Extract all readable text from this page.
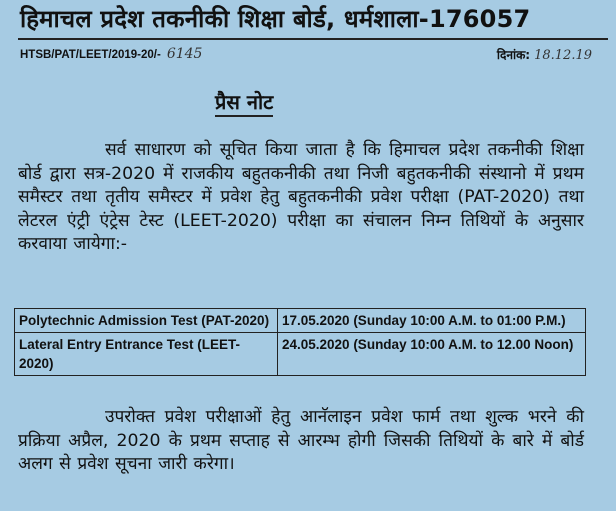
हिमाचल प्रदेश तकनीकी शिक्षा बोर्ड, धर्मशाला-176057
HTSB/PAT/LEET/2019-20/- 6145	दिनांक: 18.12.19
प्रैस नोट
सर्व साधारण को सूचित किया जाता है कि हिमाचल प्रदेश तकनीकी शिक्षा बोर्ड द्वारा सत्र-2020 में राजकीय बहुतकनीकी तथा निजी बहुतकनीकी संस्थानो में प्रथम समैस्टर तथा तृतीय समैस्टर में प्रवेश हेतु बहुतकनीकी प्रवेश परीक्षा (PAT-2020) तथा लेटरल एंट्री एंट्रेस टेस्ट (LEET-2020) परीक्षा का संचालन निम्न तिथियों के अनुसार करवाया जायेगा:-
Polytechnic Admission Test (PAT-2020)	17.05.2020 (Sunday 10:00 A.M. to 01:00 P.M.)
Lateral Entry Entrance Test (LEET-2020)	24.05.2020 (Sunday 10:00 A.M. to 12.00 Noon)
उपरोक्त प्रवेश परीक्षाओं हेतु आनॅलाइन प्रवेश फार्म तथा शुल्क भरने की प्रक्रिया अप्रैल, 2020 के प्रथम सप्ताह से आरम्भ होगी जिसकी तिथियों के बारे में बोर्ड अलग से प्रवेश सूचना जारी करेगा।
